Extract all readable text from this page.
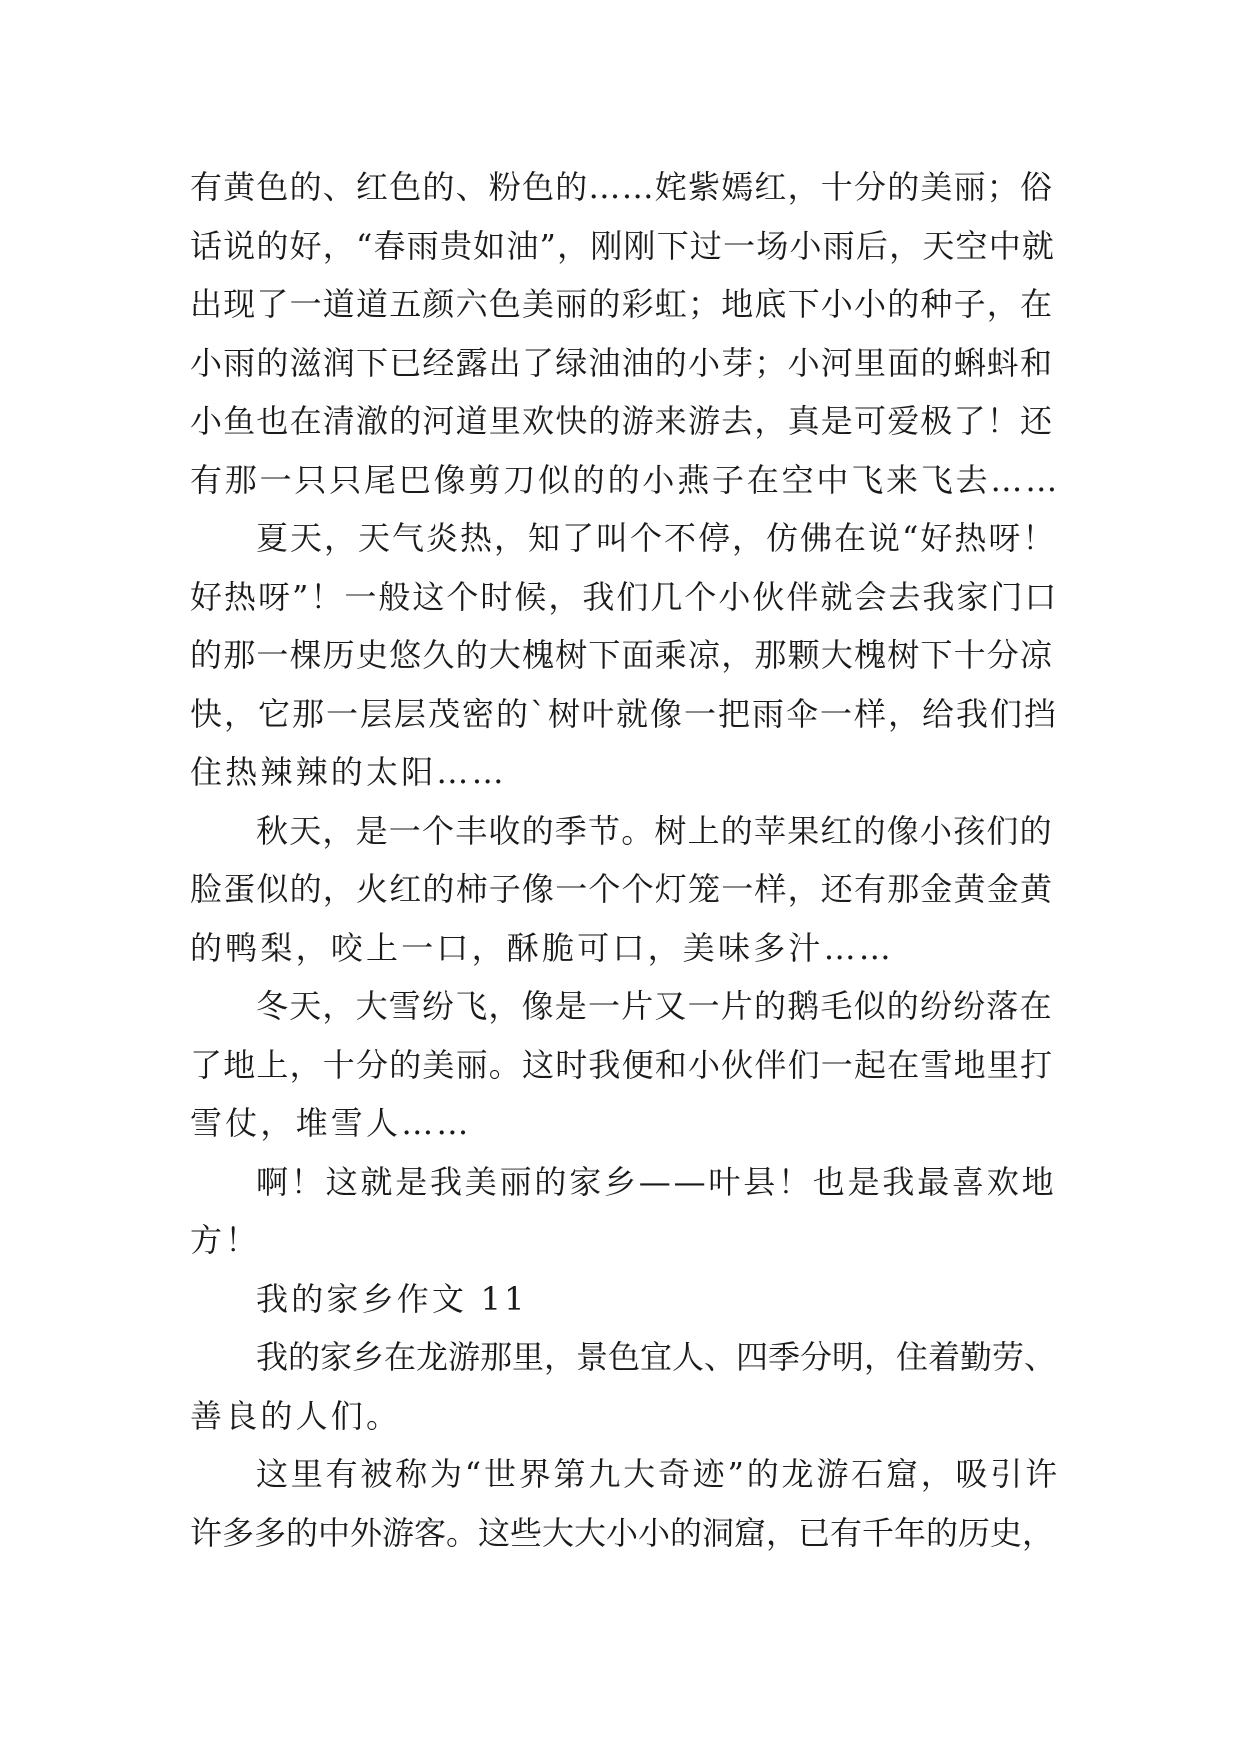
有黄色的、红色的、粉色的……姹紫嫣红，十分的美丽；俗
话说的好，“春雨贵如油”，刚刚下过一场小雨后，天空中就
出现了一道道五颜六色美丽的彩虹；地底下小小的种子，在
小雨的滋润下已经露出了绿油油的小芽；小河里面的蝌蚪和
小鱼也在清澈的河道里欢快的游来游去，真是可爱极了！还
有那一只只尾巴像剪刀似的的小燕子在空中飞来飞去……
夏天，天气炎热，知了叫个不停，仿佛在说“好热呀！
好热呀”！一般这个时候，我们几个小伙伴就会去我家门口
的那一棵历史悠久的大槐树下面乘凉，那颗大槐树下十分凉
快，它那一层层茂密的`树叶就像一把雨伞一样，给我们挡
住热辣辣的太阳……
秋天，是一个丰收的季节。树上的苹果红的像小孩们的
脸蛋似的，火红的柿子像一个个灯笼一样，还有那金黄金黄
的鸭梨，咬上一口，酥脆可口，美味多汁……
冬天，大雪纷飞，像是一片又一片的鹅毛似的纷纷落在
了地上，十分的美丽。这时我便和小伙伴们一起在雪地里打
雪仗，堆雪人……
啊！这就是我美丽的家乡——叶县！也是我最喜欢地
方！
我的家乡作文 11
我的家乡在龙游那里，景色宜人、四季分明，住着勤劳、
善良的人们。
这里有被称为“世界第九大奇迹”的龙游石窟，吸引许
许多多的中外游客。这些大大小小的洞窟，已有千年的历史，
